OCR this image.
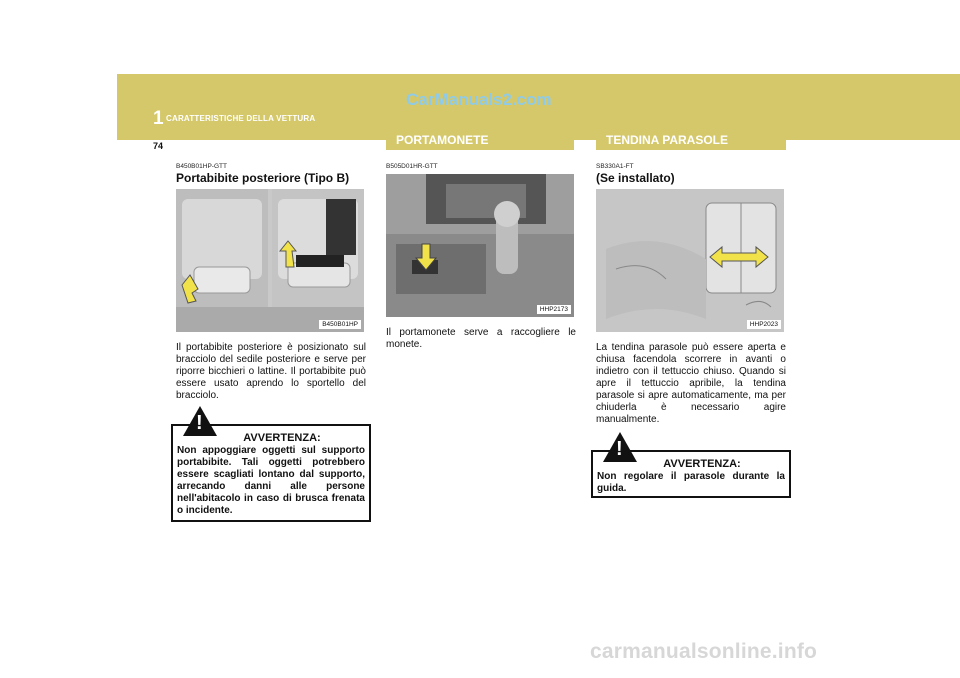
1 CARATTERISTICHE DELLA VETTURA
CarManuals2.com
74	PORTAMONETE	TENDINA PARASOLE
B450B01HP-GTT
Portabibite posteriore (Tipo B)
B450B01HP
Il portabibite posteriore è posizionato sul bracciolo del sedile posteriore e serve per riporre bicchieri o lattine. Il portabibite può essere usato aprendo lo sportello del bracciolo.
!
AVVERTENZA:
Non appoggiare oggetti sul supporto portabibite. Tali oggetti potrebbero essere scagliati lontano dal supporto, arrecando danni alle persone nell'abitacolo in caso di brusca frenata o incidente.
B505D01HR-GTT
HHP2173
Il portamonete serve a raccogliere le monete.
SB330A1-FT
(Se installato)
HHP2023
La tendina parasole può essere aperta e chiusa facendola scorrere in avanti o indietro con il tettuccio chiuso. Quando si apre il tettuccio apribile, la tendina parasole si apre automaticamente, ma per chiuderla è necessario agire manualmente.
!
AVVERTENZA:
Non regolare il parasole durante la guida.
carmanualsonline.info
